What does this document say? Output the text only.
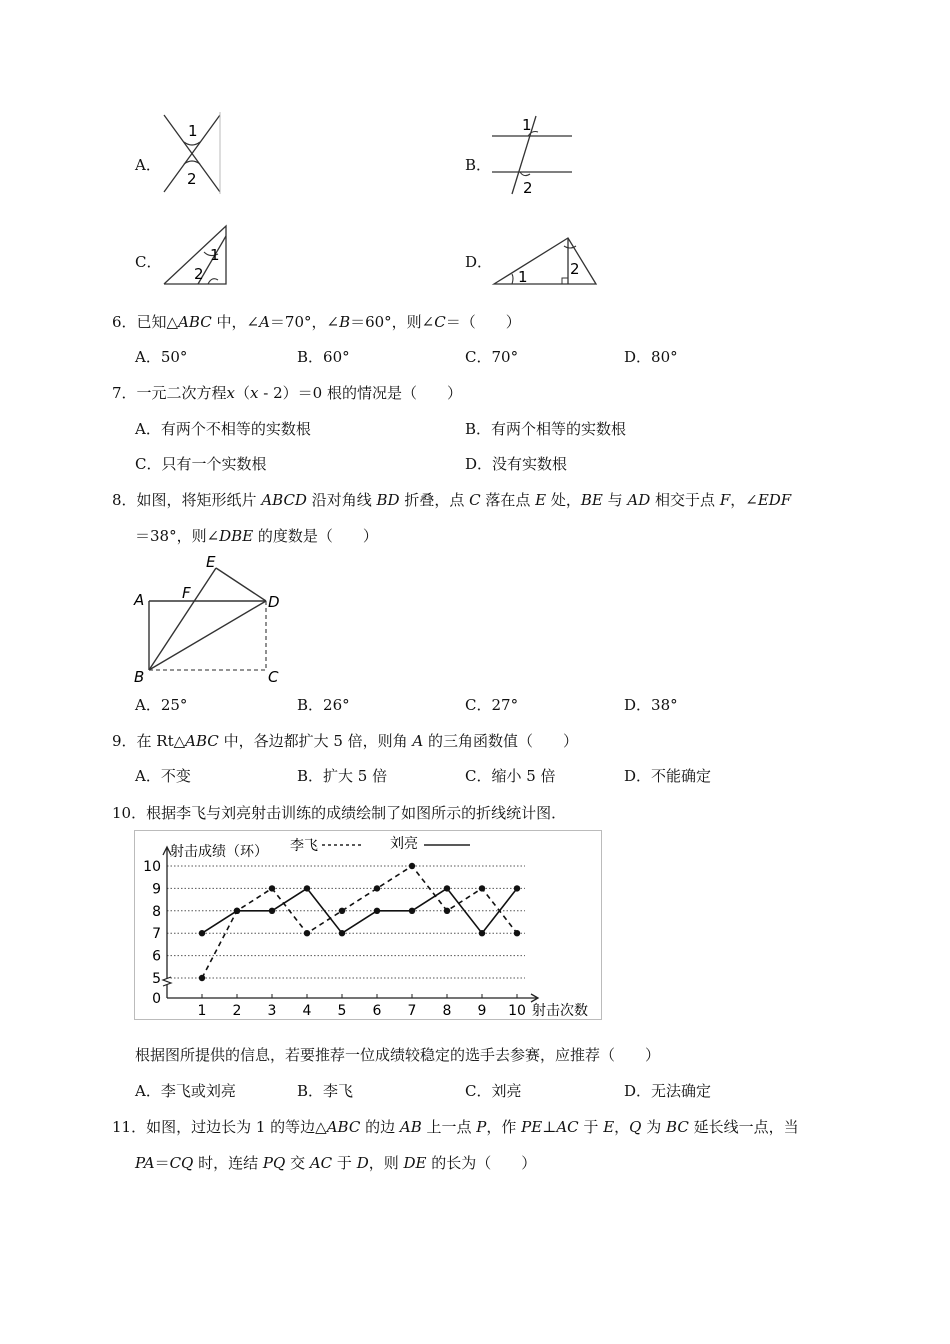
A．
1
2
B．
1
2
C．	1
2
D．
1	2
6．已知△ABC 中，∠A＝70°，∠B＝60°，则∠C＝（　　）
A．50°	B．60°	C．70°	D．80°
7．一元二次方程x（x - 2）＝0 根的情况是（　　）
A．有两个不相等的实数根	B．有两个相等的实数根
C．只有一个实数根	D．没有实数根
8．如图，将矩形纸片 ABCD 沿对角线 BD 折叠，点 C 落在点 E 处，BE 与 AD 相交于点 F，∠EDF
＝38°，则∠DBE 的度数是（　　）
A
B	C
D
E
F
A．25°	B．26°	C．27°	D．38°
9．在 Rt△ABC 中，各边都扩大 5 倍，则角 A 的三角函数值（　　）
A．不变	B．扩大 5 倍	C．缩小 5 倍	D．不能确定
10．根据李飞与刘亮射击训练的成绩绘制了如图所示的折线统计图．
0
5
6
7
8
9
10
1 2 3 4 5 6 7 8 9 10
射击成绩（环）
射击次数
李飞	刘亮
根据图所提供的信息，若要推荐一位成绩较稳定的选手去参赛，应推荐（　　）
A．李飞或刘亮	B．李飞	C．刘亮	D．无法确定
11．如图，过边长为 1 的等边△ABC 的边 AB 上一点 P，作 PE⊥AC 于 E，Q 为 BC 延长线一点，当
PA＝CQ 时，连结 PQ 交 AC 于 D，则 DE 的长为（　　）
